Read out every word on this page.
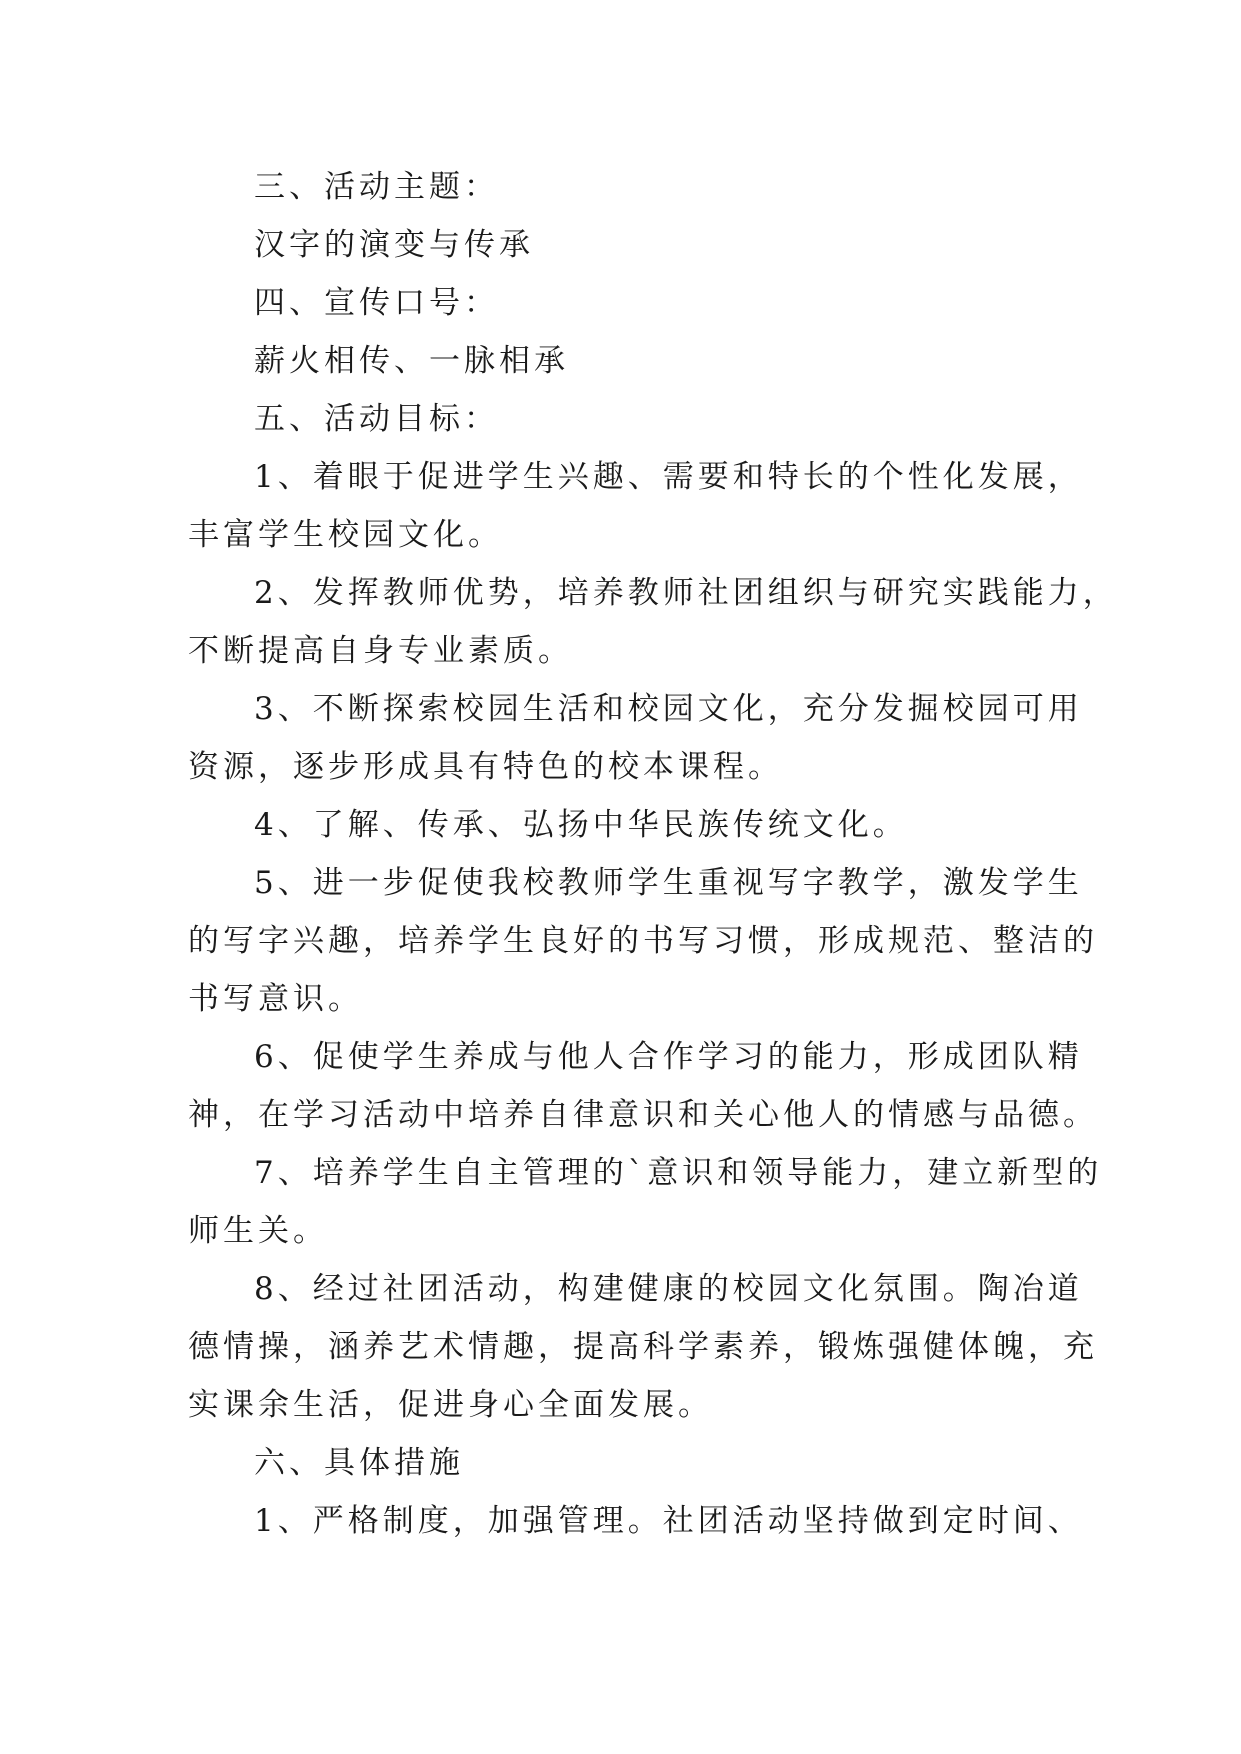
三、活动主题：
汉字的演变与传承
四、宣传口号：
薪火相传、一脉相承
五、活动目标：
1、着眼于促进学生兴趣、需要和特长的个性化发展，
丰富学生校园文化。
2、发挥教师优势，培养教师社团组织与研究实践能力，
不断提高自身专业素质。
3、不断探索校园生活和校园文化，充分发掘校园可用
资源，逐步形成具有特色的校本课程。
4、了解、传承、弘扬中华民族传统文化。
5、进一步促使我校教师学生重视写字教学，激发学生
的写字兴趣，培养学生良好的书写习惯，形成规范、整洁的
书写意识。
6、促使学生养成与他人合作学习的能力，形成团队精
神，在学习活动中培养自律意识和关心他人的情感与品德。
7、培养学生自主管理的`意识和领导能力，建立新型的
师生关。
8、经过社团活动，构建健康的校园文化氛围。陶冶道
德情操，涵养艺术情趣，提高科学素养，锻炼强健体魄，充
实课余生活，促进身心全面发展。
六、具体措施
1、严格制度，加强管理。社团活动坚持做到定时间、
